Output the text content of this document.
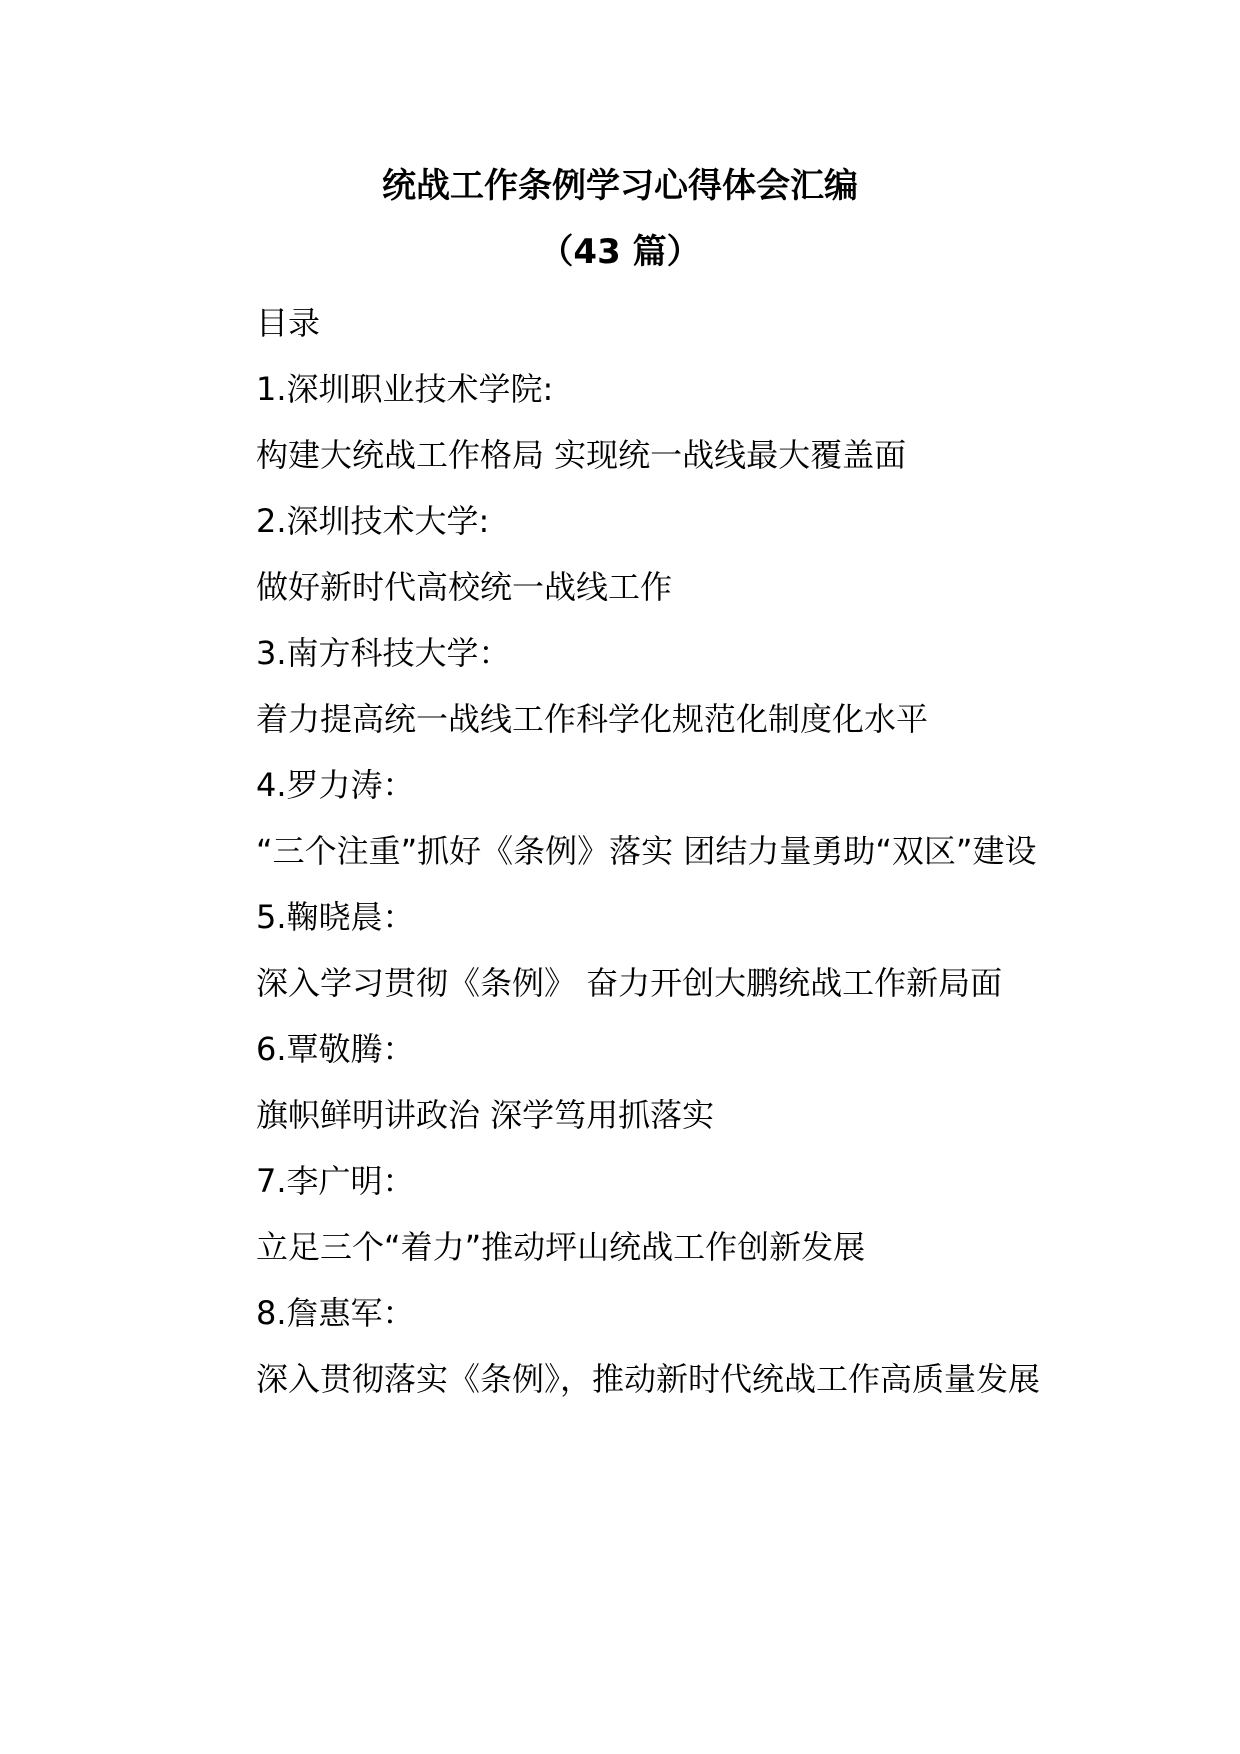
统战工作条例学习心得体会汇编
（43 篇）

目录

1.深圳职业技术学院:

构建大统战工作格局 实现统一战线最大覆盖面

2.深圳技术大学:

做好新时代高校统一战线工作

3.南方科技大学：

着力提高统一战线工作科学化规范化制度化水平

4.罗力涛：

“三个注重”抓好《条例》落实 团结力量勇助“双区”建设

5.鞠晓晨：

深入学习贯彻《条例》 奋力开创大鹏统战工作新局面

6.覃敬腾：

旗帜鲜明讲政治 深学笃用抓落实

7.李广明：

立足三个“着力”推动坪山统战工作创新发展

8.詹惠军：

深入贯彻落实《条例》，推动新时代统战工作高质量发展
